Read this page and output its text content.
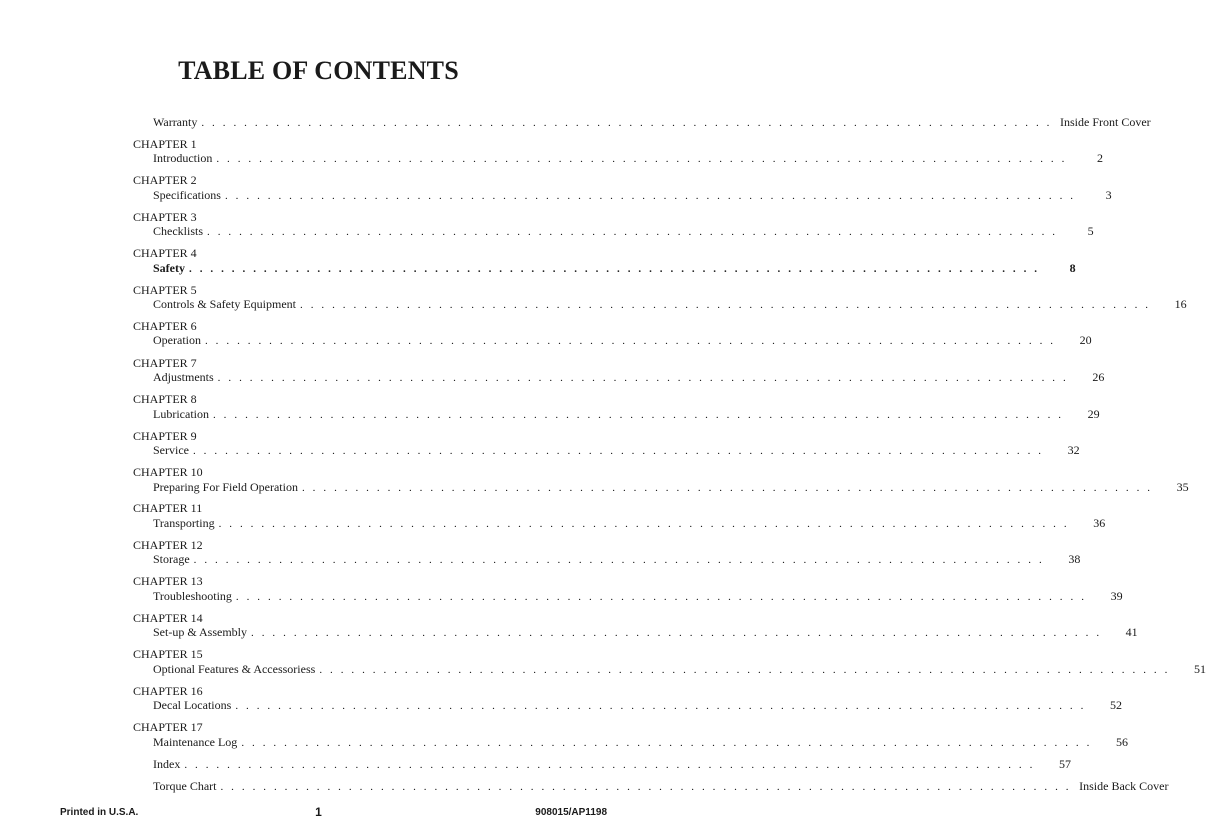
TABLE OF CONTENTS
Warranty . . . . . . . . . . . . . . . . . . . . . . . . . . . . . . . . . . . . . . . . . . . . . . . . . . . . . . . . . . . . . . . . . . . . . . . . . . . . . . . . Inside Front Cover
CHAPTER 1
Introduction . . . . . . . . . . . . . . . . . . . . . . . . . . . . . . . . . . . . . . . . . . . . . . . . . . . . . . . . . . . . . . . . . . . . . . . . . . . . . . . .	2
CHAPTER 2
Specifications . . . . . . . . . . . . . . . . . . . . . . . . . . . . . . . . . . . . . . . . . . . . . . . . . . . . . . . . . . . . . . . . . . . . . . . . . . . . . . . .	3
CHAPTER 3
Checklists . . . . . . . . . . . . . . . . . . . . . . . . . . . . . . . . . . . . . . . . . . . . . . . . . . . . . . . . . . . . . . . . . . . . . . . . . . . . . . . .	5
CHAPTER 4
Safety . . . . . . . . . . . . . . . . . . . . . . . . . . . . . . . . . . . . . . . . . . . . . . . . . . . . . . . . . . . . . . . . . . . . . . . . . . . . . . . .	8
CHAPTER 5
Controls & Safety Equipment . . . . . . . . . . . . . . . . . . . . . . . . . . . . . . . . . . . . . . . . . . . . . . . . . . . . . . . . . . . . . . . . . . . . . . . . . . . . . . . .	16
CHAPTER 6
Operation . . . . . . . . . . . . . . . . . . . . . . . . . . . . . . . . . . . . . . . . . . . . . . . . . . . . . . . . . . . . . . . . . . . . . . . . . . . . . . . .	20
CHAPTER 7
Adjustments . . . . . . . . . . . . . . . . . . . . . . . . . . . . . . . . . . . . . . . . . . . . . . . . . . . . . . . . . . . . . . . . . . . . . . . . . . . . . . . .	26
CHAPTER 8
Lubrication . . . . . . . . . . . . . . . . . . . . . . . . . . . . . . . . . . . . . . . . . . . . . . . . . . . . . . . . . . . . . . . . . . . . . . . . . . . . . . . .	29
CHAPTER 9
Service . . . . . . . . . . . . . . . . . . . . . . . . . . . . . . . . . . . . . . . . . . . . . . . . . . . . . . . . . . . . . . . . . . . . . . . . . . . . . . . .	32
CHAPTER 10
Preparing For Field Operation . . . . . . . . . . . . . . . . . . . . . . . . . . . . . . . . . . . . . . . . . . . . . . . . . . . . . . . . . . . . . . . . . . . . . . . . . . . . . . . .	35
CHAPTER 11
Transporting . . . . . . . . . . . . . . . . . . . . . . . . . . . . . . . . . . . . . . . . . . . . . . . . . . . . . . . . . . . . . . . . . . . . . . . . . . . . . . . .	36
CHAPTER 12
Storage . . . . . . . . . . . . . . . . . . . . . . . . . . . . . . . . . . . . . . . . . . . . . . . . . . . . . . . . . . . . . . . . . . . . . . . . . . . . . . . .	38
CHAPTER 13
Troubleshooting . . . . . . . . . . . . . . . . . . . . . . . . . . . . . . . . . . . . . . . . . . . . . . . . . . . . . . . . . . . . . . . . . . . . . . . . . . . . . . . .	39
CHAPTER 14
Set-up & Assembly . . . . . . . . . . . . . . . . . . . . . . . . . . . . . . . . . . . . . . . . . . . . . . . . . . . . . . . . . . . . . . . . . . . . . . . . . . . . . . . .	41
CHAPTER 15
Optional Features & Accessoriess . . . . . . . . . . . . . . . . . . . . . . . . . . . . . . . . . . . . . . . . . . . . . . . . . . . . . . . . . . . . . . . . . . . . . . . . . . . . . . . .	51
CHAPTER 16
Decal Locations . . . . . . . . . . . . . . . . . . . . . . . . . . . . . . . . . . . . . . . . . . . . . . . . . . . . . . . . . . . . . . . . . . . . . . . . . . . . . . . .	52
CHAPTER 17
Maintenance Log . . . . . . . . . . . . . . . . . . . . . . . . . . . . . . . . . . . . . . . . . . . . . . . . . . . . . . . . . . . . . . . . . . . . . . . . . . . . . . . .	56
Index . . . . . . . . . . . . . . . . . . . . . . . . . . . . . . . . . . . . . . . . . . . . . . . . . . . . . . . . . . . . . . . . . . . . . . . . . . . . . . . .	57
Torque Chart . . . . . . . . . . . . . . . . . . . . . . . . . . . . . . . . . . . . . . . . . . . . . . . . . . . . . . . . . . . . . . . . . . . . . . . . . . . . . . . . Inside Back Cover
Printed in U.S.A.	1	908015/AP1198
